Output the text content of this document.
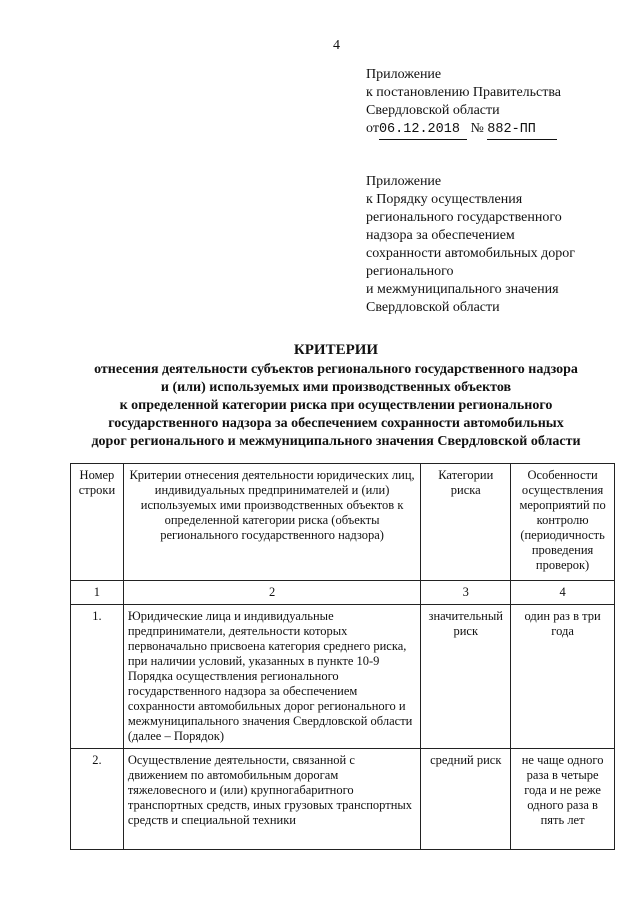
4
Приложение
к постановлению Правительства
Свердловской области
от06.12.2018 № 882-ПП
Приложение
к Порядку осуществления
регионального государственного
надзора за обеспечением
сохранности автомобильных дорог
регионального
и межмуниципального значения
Свердловской области
КРИТЕРИИ
отнесения деятельности субъектов регионального государственного надзора
и (или) используемых ими производственных объектов
к определенной категории риска при осуществлении регионального
государственного надзора за обеспечением сохранности автомобильных
дорог регионального и межмуниципального значения Свердловской области
Номер строки	Критерии отнесения деятельности юридических лиц, индивидуальных предпринимателей и (или) используемых ими производственных объектов к определенной категории риска (объекты регионального государственного надзора)	Категории риска	Особенности осуществления мероприятий по контролю (периодичность проведения проверок)
1	2	3	4
1.	Юридические лица и индивидуальные предприниматели, деятельности которых первоначально присвоена категория среднего риска, при наличии условий, указанных в пункте 10-9 Порядка осуществления регионального государственного надзора за обеспечением сохранности автомобильных дорог регионального и межмуниципального значения Свердловской области (далее – Порядок)	значительный риск	один раз в три года
2.	Осуществление деятельности, связанной с движением по автомобильным дорогам тяжеловесного и (или) крупногабаритного транспортных средств, иных грузовых транспортных средств и специальной техники	средний риск	не чаще одного раза в четыре года и не реже одного раза в пять лет
